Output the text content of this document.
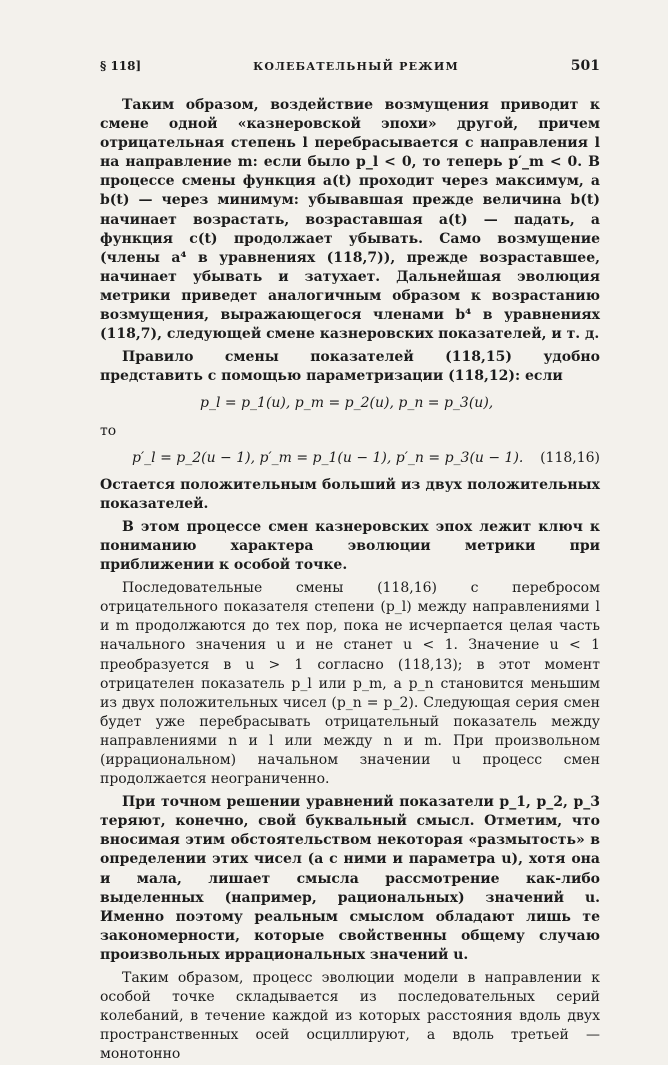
§ 118]	КОЛЕБАТЕЛЬНЫЙ РЕЖИМ	501

Таким образом, воздействие возмущения приводит к смене одной «казнеровской эпохи» другой, причем отрицательная степень l перебрасывается с направления l на направление m: если было p_l < 0, то теперь p′_m < 0. В процессе смены функция a(t) проходит через максимум, а b(t) — через минимум: убывавшая прежде величина b(t) начинает возрастать, возраставшая a(t) — падать, а функция c(t) продолжает убывать. Само возмущение (члены a⁴ в уравнениях (118,7)), прежде возраставшее, начинает убывать и затухает. Дальнейшая эволюция метрики приведет аналогичным образом к возрастанию возмущения, выражающегося членами b⁴ в уравнениях (118,7), следующей смене казнеровских показателей, и т. д.

Правило смены показателей (118,15) удобно представить с помощью параметризации (118,12): если

p_l = p_1(u), p_m = p_2(u), p_n = p_3(u),
то
p′_l = p_2(u − 1), p′_m = p_1(u − 1), p′_n = p_3(u − 1). (118,16)

Остается положительным больший из двух положительных показателей.

В этом процессе смен казнеровских эпох лежит ключ к пониманию характера эволюции метрики при приближении к особой точке.

Последовательные смены (118,16) с перебросом отрицательного показателя степени (p_l) между направлениями l и m продолжаются до тех пор, пока не исчерпается целая часть начального значения u и не станет u < 1. Значение u < 1 преобразуется в u > 1 согласно (118,13); в этот момент отрицателен показатель p_l или p_m, а p_n становится меньшим из двух положительных чисел (p_n = p_2). Следующая серия смен будет уже перебрасывать отрицательный показатель между направлениями n и l или между n и m. При произвольном (иррациональном) начальном значении u процесс смен продолжается неограниченно.

При точном решении уравнений показатели p_1, p_2, p_3 теряют, конечно, свой буквальный смысл. Отметим, что вносимая этим обстоятельством некоторая «размытость» в определении этих чисел (а с ними и параметра u), хотя она и мала, лишает смысла рассмотрение как-либо выделенных (например, рациональных) значений u. Именно поэтому реальным смыслом обладают лишь те закономерности, которые свойственны общему случаю произвольных иррациональных значений u.

Таким образом, процесс эволюции модели в направлении к особой точке складывается из последовательных серий колебаний, в течение каждой из которых расстояния вдоль двух пространственных осей осциллируют, а вдоль третьей — монотонно
